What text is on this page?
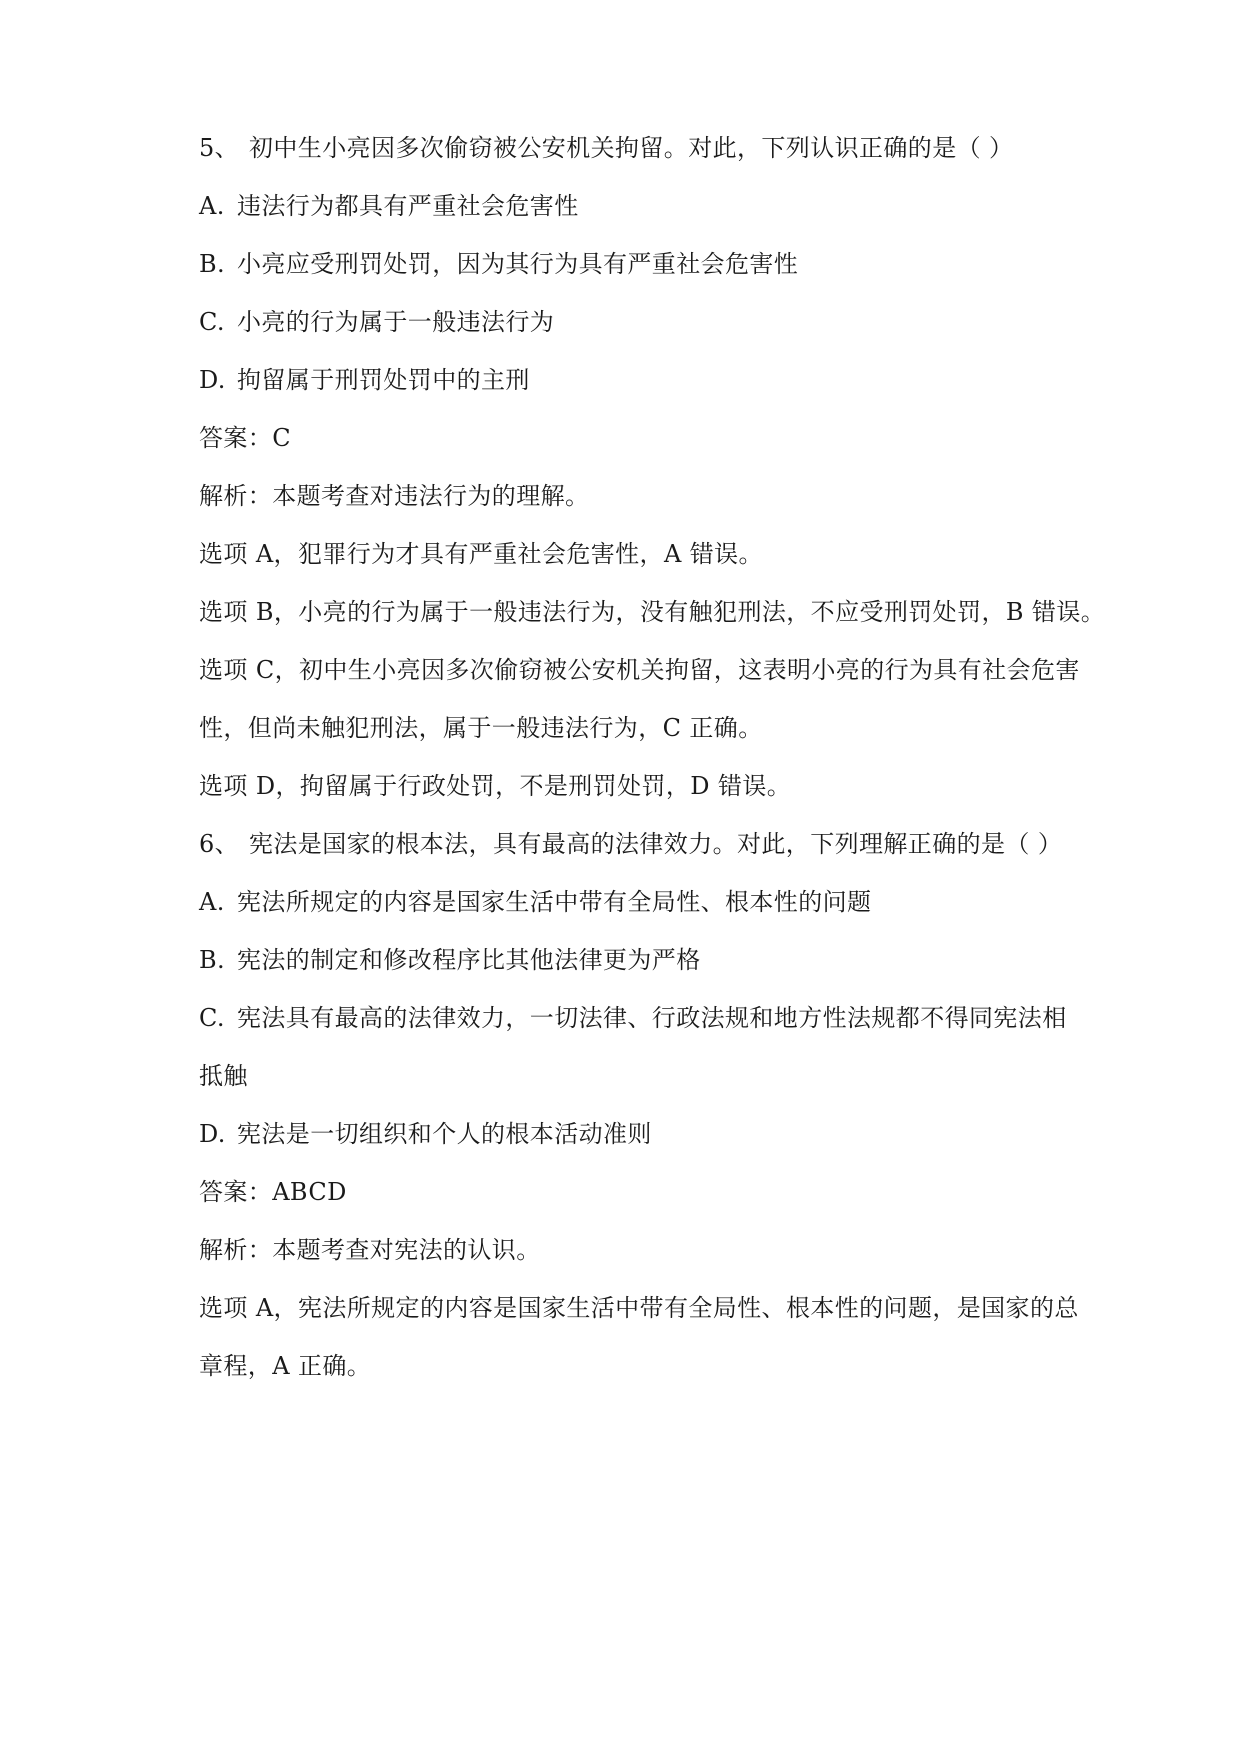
5、 初中生小亮因多次偷窃被公安机关拘留。对此，下列认识正确的是（ ）
A. 违法行为都具有严重社会危害性
B. 小亮应受刑罚处罚，因为其行为具有严重社会危害性
C. 小亮的行为属于一般违法行为
D. 拘留属于刑罚处罚中的主刑
答案：C
解析：本题考查对违法行为的理解。
选项 A，犯罪行为才具有严重社会危害性，A 错误。
选项 B，小亮的行为属于一般违法行为，没有触犯刑法，不应受刑罚处罚，B 错误。
选项 C，初中生小亮因多次偷窃被公安机关拘留，这表明小亮的行为具有社会危害
性，但尚未触犯刑法，属于一般违法行为，C 正确。
选项 D，拘留属于行政处罚，不是刑罚处罚，D 错误。
6、 宪法是国家的根本法，具有最高的法律效力。对此，下列理解正确的是（ ）
A. 宪法所规定的内容是国家生活中带有全局性、根本性的问题
B. 宪法的制定和修改程序比其他法律更为严格
C. 宪法具有最高的法律效力，一切法律、行政法规和地方性法规都不得同宪法相
抵触
D. 宪法是一切组织和个人的根本活动准则
答案：ABCD
解析：本题考查对宪法的认识。
选项 A，宪法所规定的内容是国家生活中带有全局性、根本性的问题，是国家的总
章程，A 正确。
